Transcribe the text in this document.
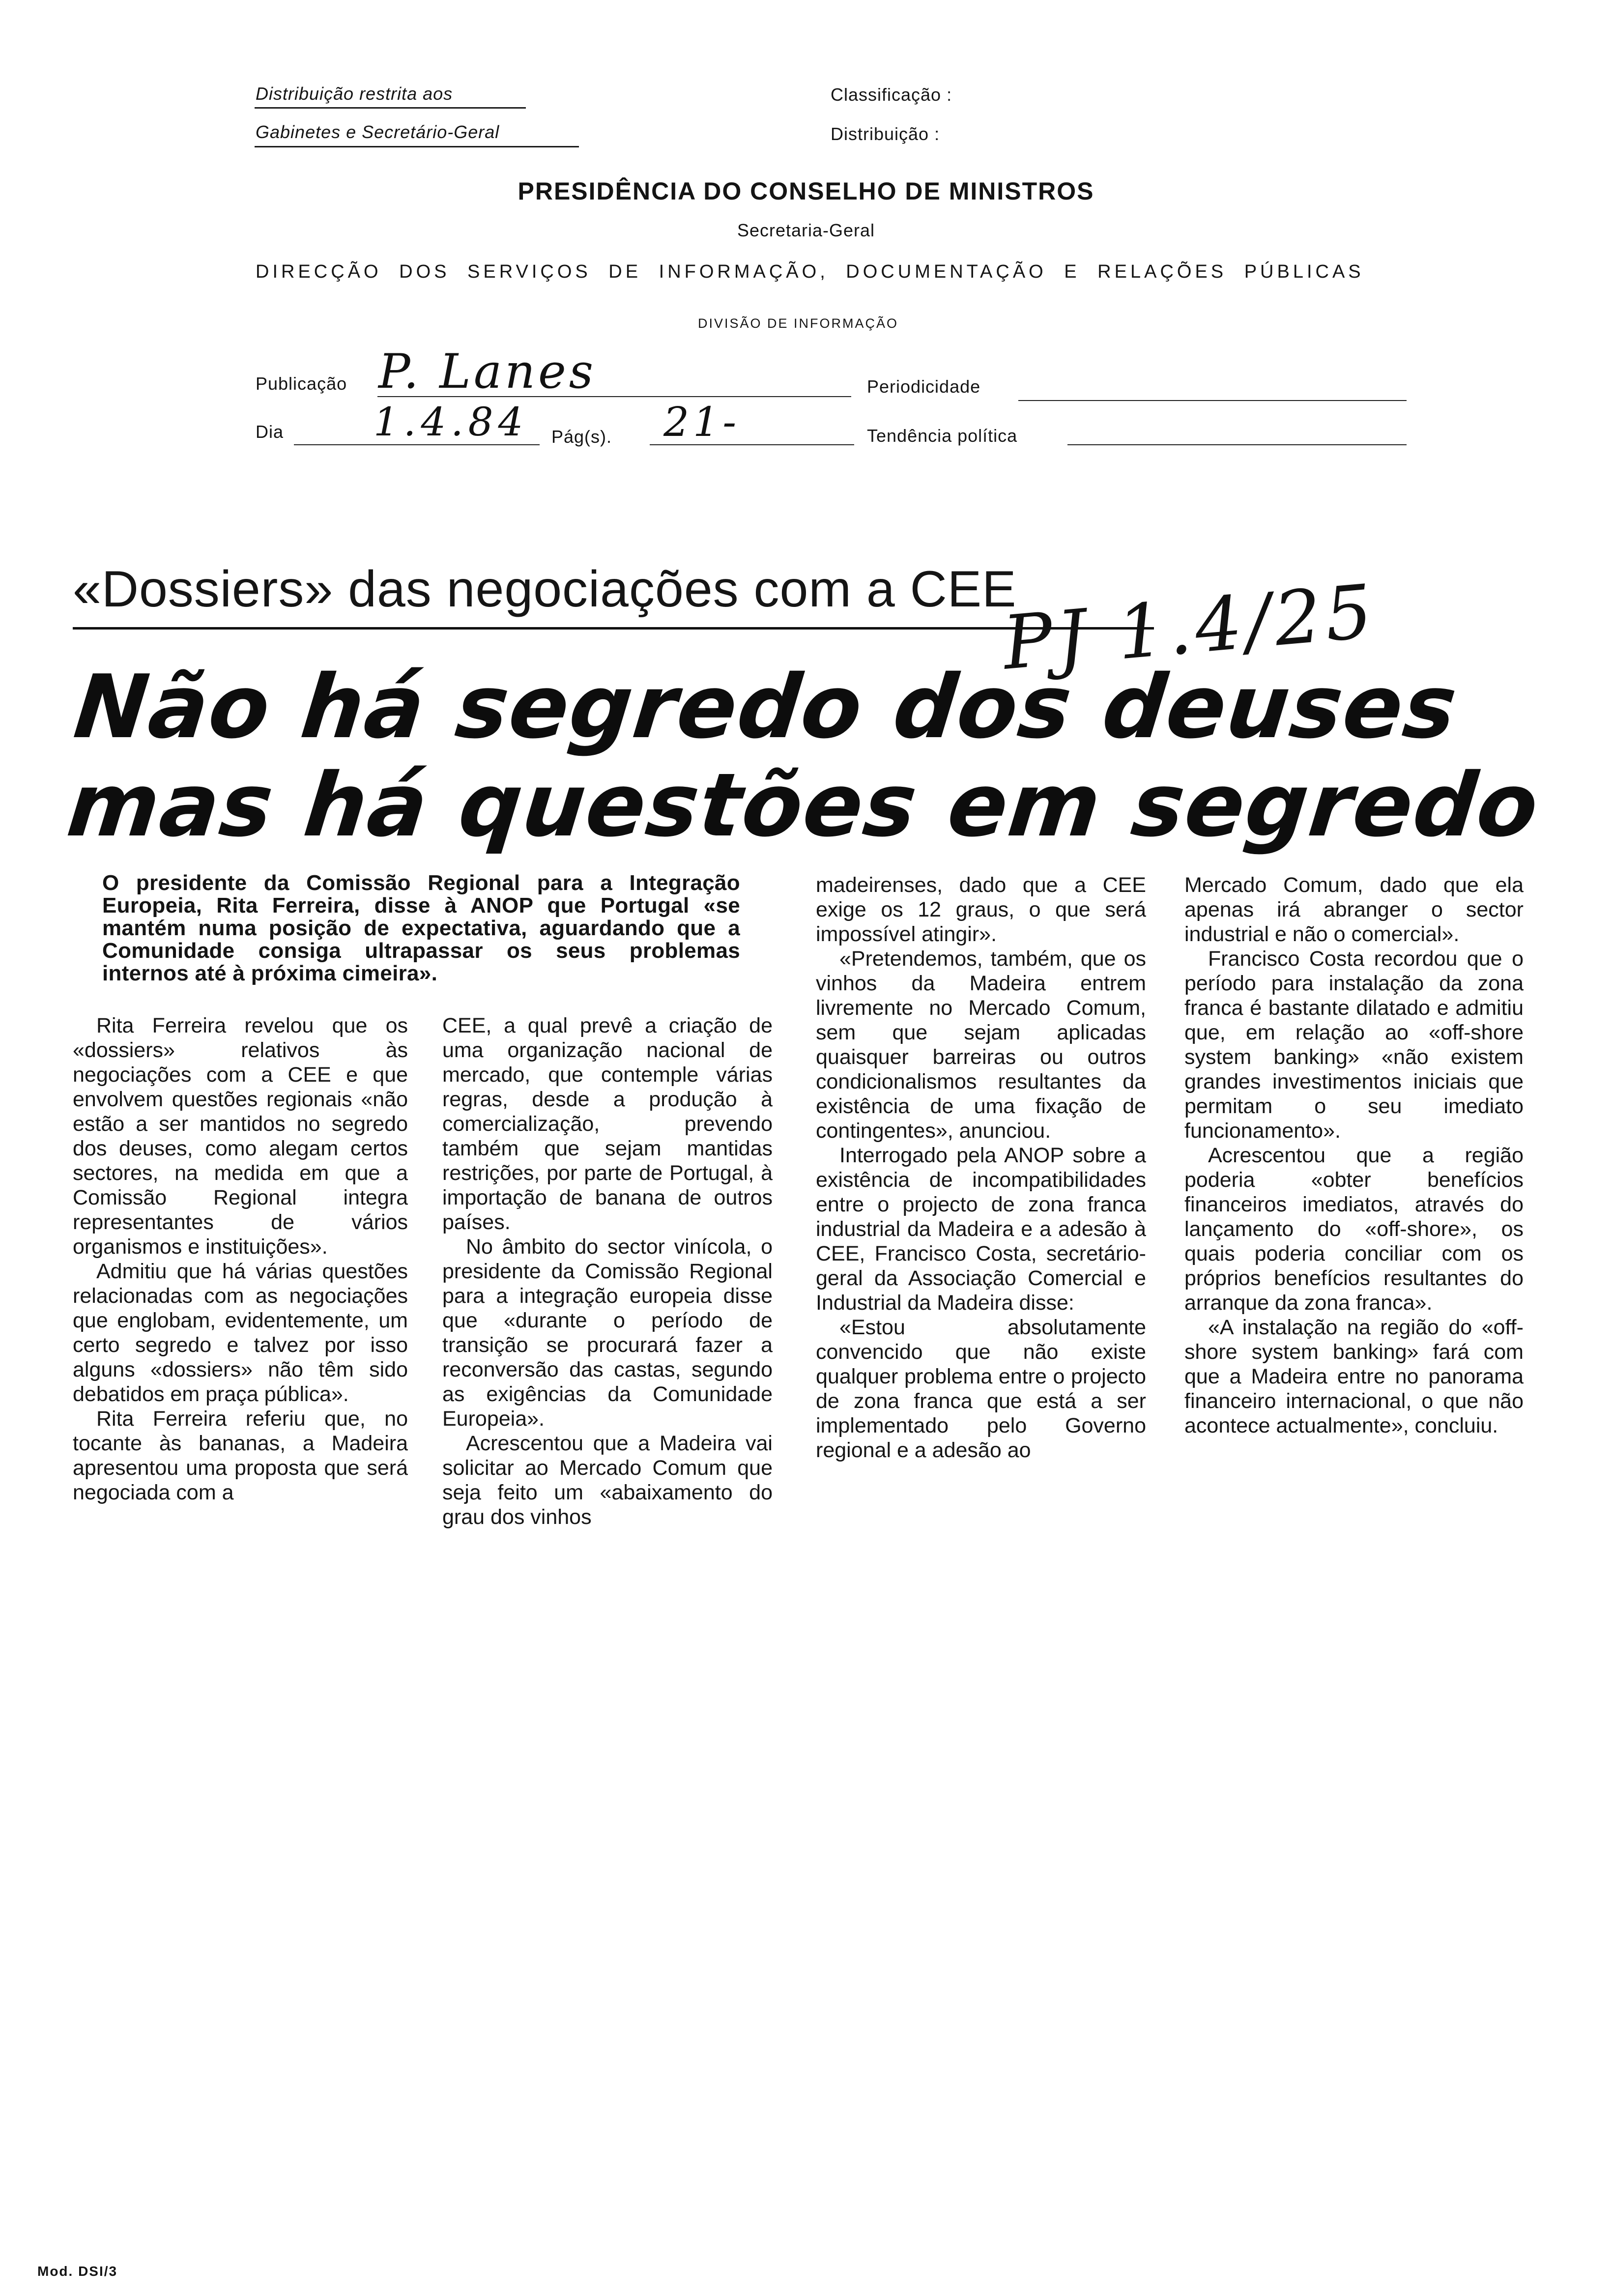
Distribuição restrita aos
Gabinetes e Secretário-Geral
Classificação :
Distribuição :
PRESIDÊNCIA DO CONSELHO DE MINISTROS
Secretaria-Geral
DIRECÇÃO DOS SERVIÇOS DE INFORMAÇÃO, DOCUMENTAÇÃO E RELAÇÕES PÚBLICAS
DIVISÃO DE INFORMAÇÃO
Publicação P. Lanes	Periodicidade
Dia 1.4.84 Pág(s). 21-	Tendência política
«Dossiers» das negociações com a CEE
PJ 1.4/25
Não há segredo dos deuses
mas há questões em segredo
O presidente da Comissão Regional para a Integração Europeia, Rita Ferreira, disse à ANOP que Portugal «se mantém numa posição de expectativa, aguardando que a Comunidade consiga ultrapassar os seus problemas internos até à próxima cimeira».

Rita Ferreira revelou que os «dossiers» relativos às negociações com a CEE e que envolvem questões regionais «não estão a ser mantidos no segredo dos deuses, como alegam certos sectores, na medida em que a Comissão Regional integra representantes de vários organismos e instituições».

Admitiu que há várias questões relacionadas com as negociações que englobam, evidentemente, um certo segredo e talvez por isso alguns «dossiers» não têm sido debatidos em praça pública».

Rita Ferreira referiu que, no tocante às bananas, a Madeira apresentou uma proposta que será negociada com a

CEE, a qual prevê a criação de uma organização nacional de mercado, que contemple várias regras, desde a produção à comercialização, prevendo também que sejam mantidas restrições, por parte de Portugal, à importação de banana de outros países.

No âmbito do sector vinícola, o presidente da Comissão Regional para a integração europeia disse que «durante o período de transição se procurará fazer a reconversão das castas, segundo as exigências da Comunidade Europeia».

Acrescentou que a Madeira vai solicitar ao Mercado Comum que seja feito um «abaixamento do grau dos vinhos

madeirenses, dado que a CEE exige os 12 graus, o que será impossível atingir».

«Pretendemos, também, que os vinhos da Madeira entrem livremente no Mercado Comum, sem que sejam aplicadas quaisquer barreiras ou outros condicionalismos resultantes da existência de uma fixação de contingentes», anunciou.

Interrogado pela ANOP sobre a existência de incompatibilidades entre o projecto de zona franca industrial da Madeira e a adesão à CEE, Francisco Costa, secretário-geral da Associação Comercial e Industrial da Madeira disse:

«Estou absolutamente convencido que não existe qualquer problema entre o projecto de zona franca que está a ser implementado pelo Governo regional e a adesão ao

Mercado Comum, dado que ela apenas irá abranger o sector industrial e não o comercial».

Francisco Costa recordou que o período para instalação da zona franca é bastante dilatado e admitiu que, em relação ao «off-shore system banking» «não existem grandes investimentos iniciais que permitam o seu imediato funcionamento».

Acrescentou que a região poderia «obter benefícios financeiros imediatos, através do lançamento do «off-shore», os quais poderia conciliar com os próprios benefícios resultantes do arranque da zona franca».

«A instalação na região do «off-shore system banking» fará com que a Madeira entre no panorama financeiro internacional, o que não acontece actualmente», concluiu.

Mod. DSI/3
